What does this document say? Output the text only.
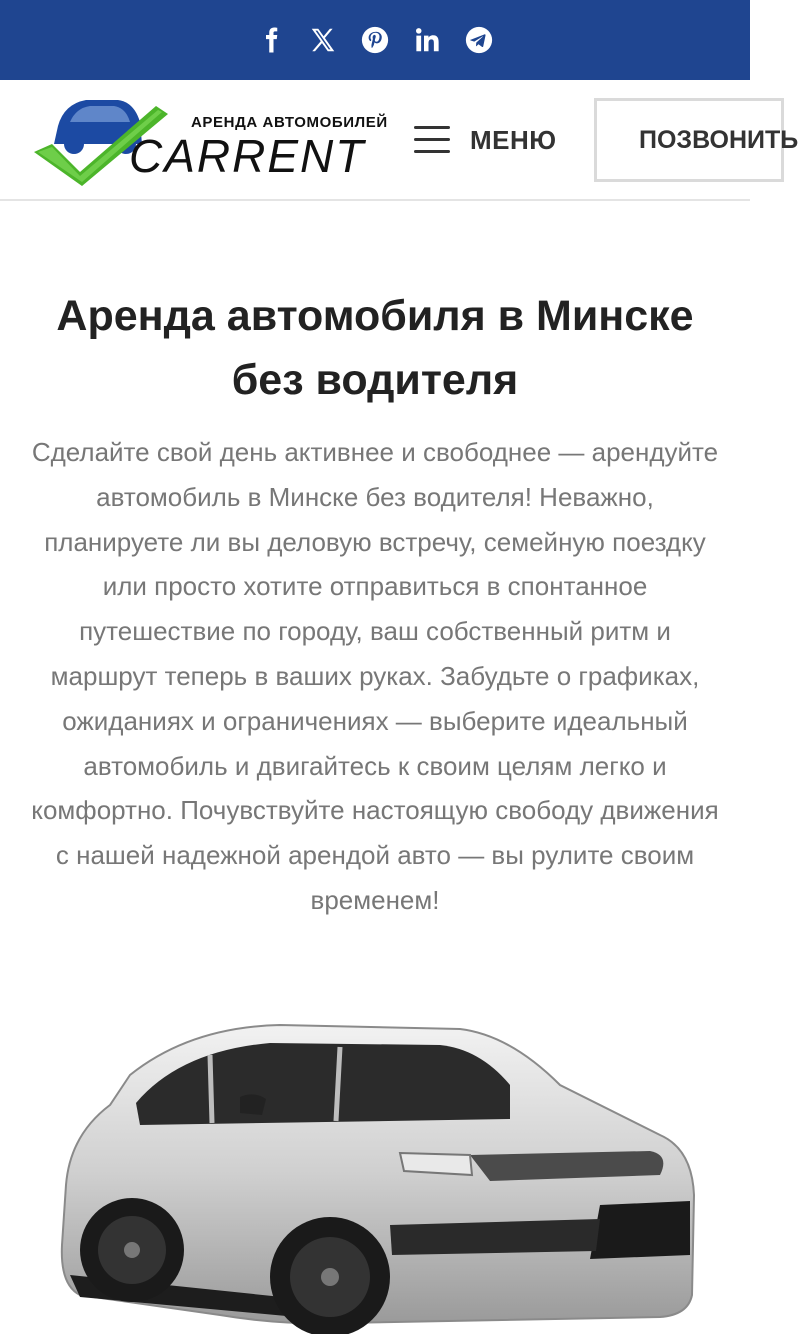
АРЕНДА АВТОМОБИЛЕЙ
CARRENT	МЕНЮ	ПОЗВОНИТЬ
Аренда автомобиля в Минске без водителя

Сделайте свой день активнее и свободнее — арендуйте автомобиль в Минске без водителя! Неважно, планируете ли вы деловую встречу, семейную поездку или просто хотите отправиться в спонтанное путешествие по городу, ваш собственный ритм и маршрут теперь в ваших руках. Забудьте о графиках, ожиданиях и ограничениях — выберите идеальный автомобиль и двигайтесь к своим целям легко и комфортно. Почувствуйте настоящую свободу движения с нашей надежной арендой авто — вы рулите своим временем!
